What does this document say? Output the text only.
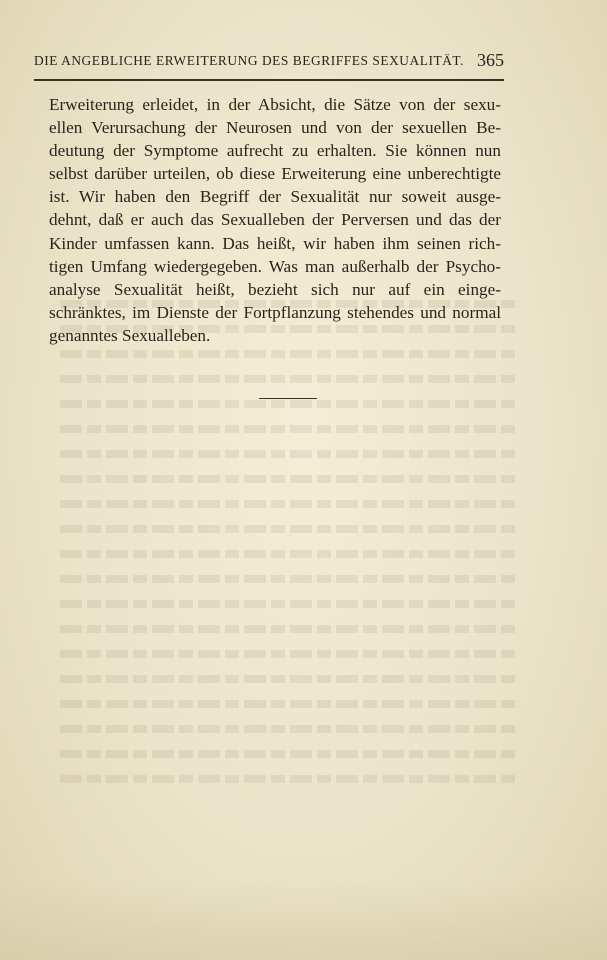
DIE ANGEBLICHE ERWEITERUNG DES BEGRIFFES SEXUALITÄT. 365
Erweiterung erleidet, in der Absicht, die Sätze von der sexu-
ellen Verursachung der Neurosen und von der sexuellen Be-
deutung der Symptome aufrecht zu erhalten. Sie können nun
selbst darüber urteilen, ob diese Erweiterung eine unberechtigte
ist. Wir haben den Begriff der Sexualität nur soweit ausge-
dehnt, daß er auch das Sexualleben der Perversen und das der
Kinder umfassen kann. Das heißt, wir haben ihm seinen rich-
tigen Umfang wiedergegeben. Was man außerhalb der Psycho-
analyse Sexualität heißt, bezieht sich nur auf ein einge-
schränktes, im Dienste der Fortpflanzung stehendes und normal
genanntes Sexualleben.
